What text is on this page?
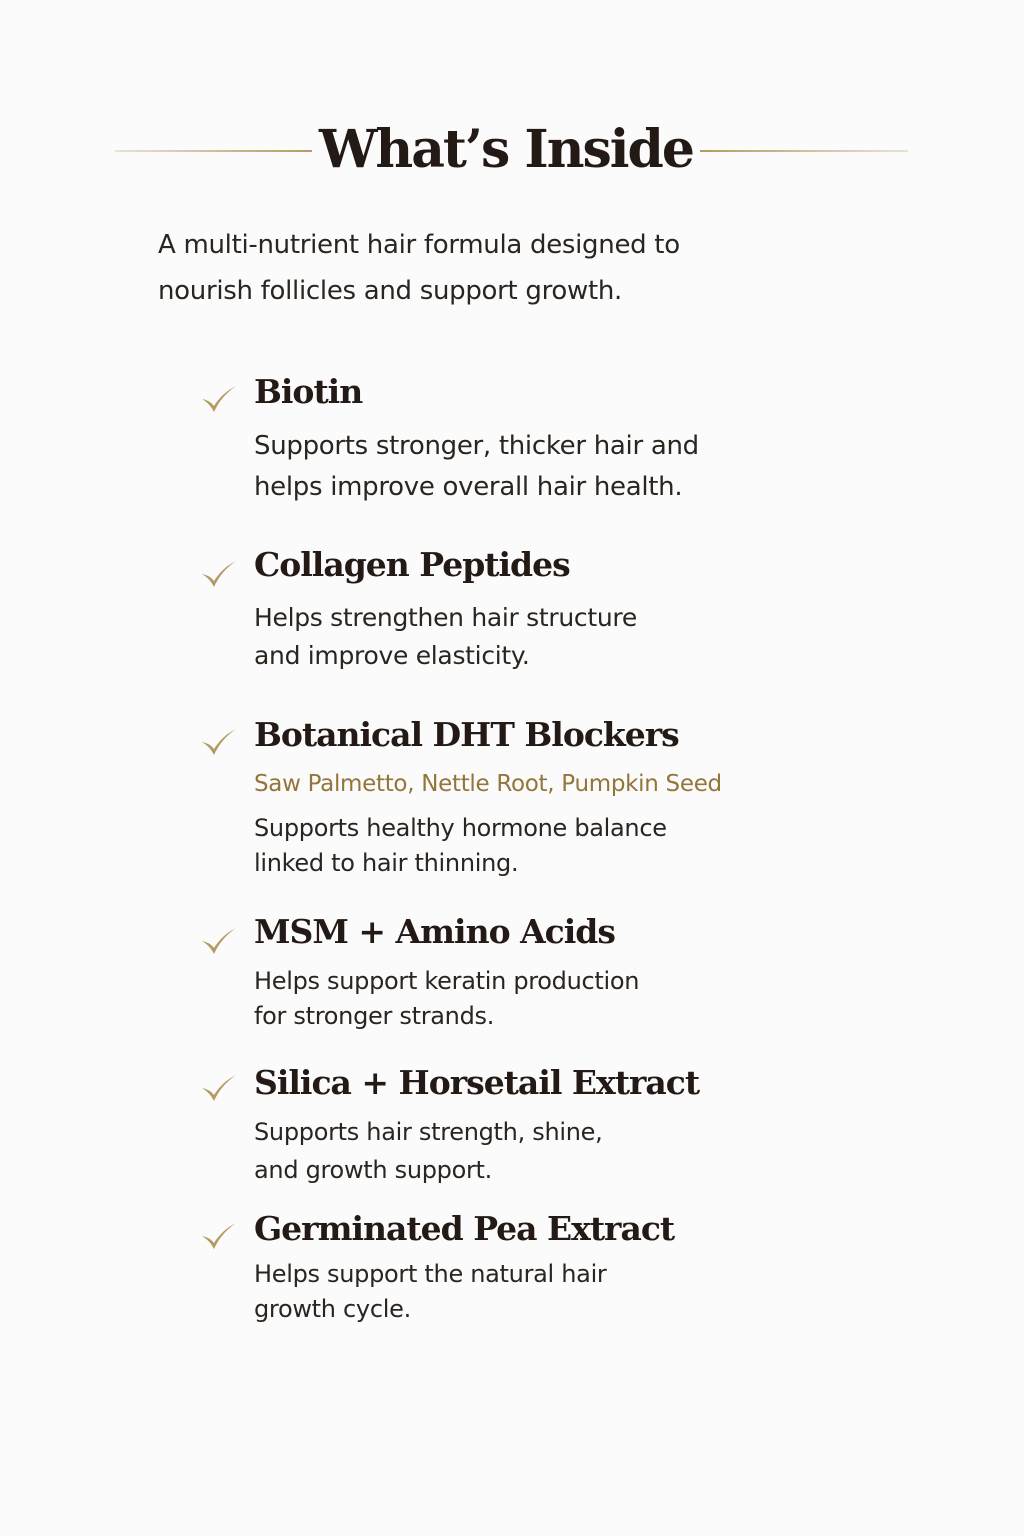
What’s Inside

A multi-nutrient hair formula designed to
nourish follicles and support growth.

Biotin

Supports stronger, thicker hair and
helps improve overall hair health.

Collagen Peptides

Helps strengthen hair structure
and improve elasticity.

Botanical DHT Blockers

Saw Palmetto, Nettle Root, Pumpkin Seed

Supports healthy hormone balance
linked to hair thinning.

MSM + Amino Acids

Helps support keratin production
for stronger strands.

Silica + Horsetail Extract

Supports hair strength, shine,
and growth support.

Germinated Pea Extract

Helps support the natural hair
growth cycle.
